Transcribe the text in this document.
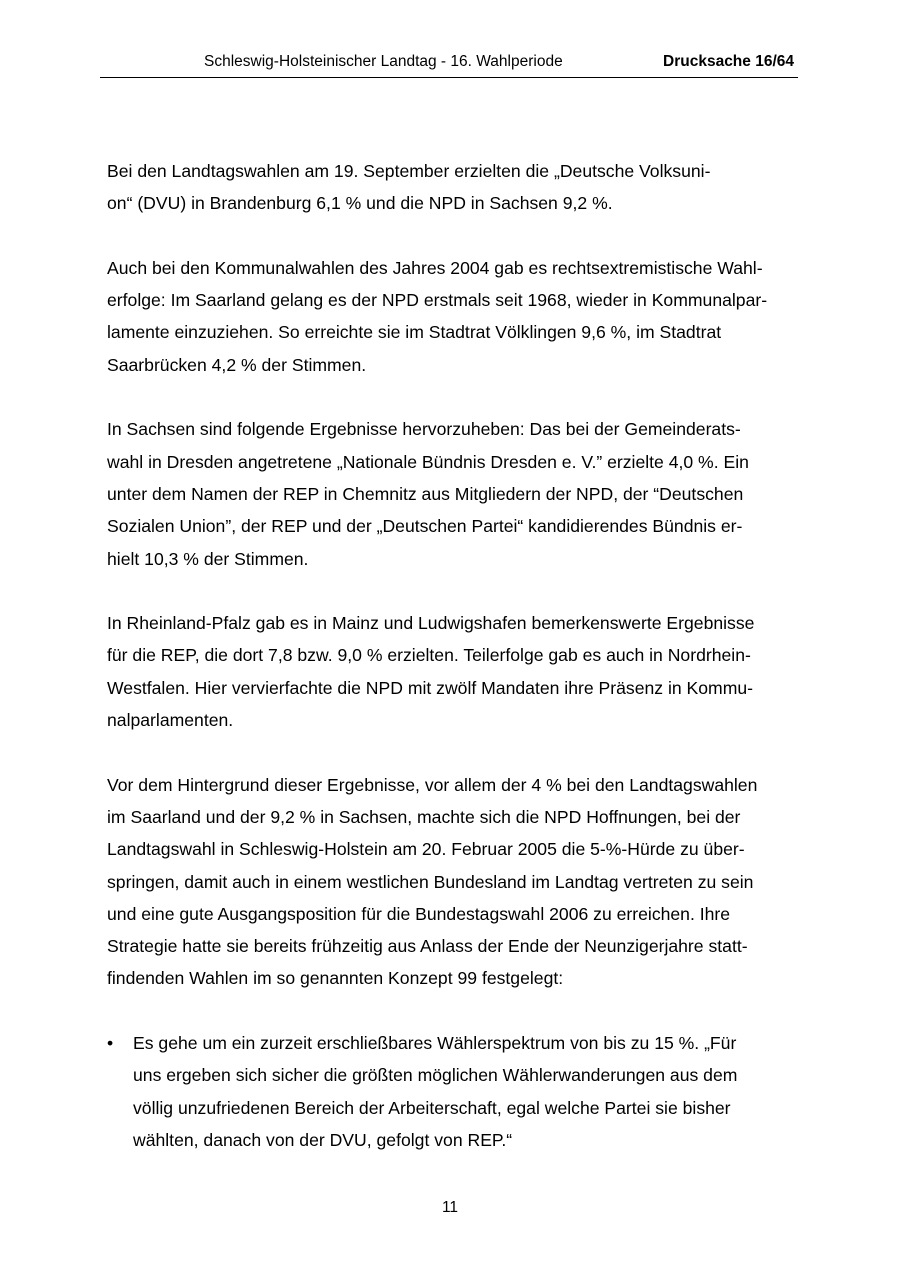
Schleswig-Holsteinischer Landtag - 16. Wahlperiode	Drucksache 16/64

Bei den Landtagswahlen am 19. September erzielten die „Deutsche Volksuni-
on“ (DVU) in Brandenburg 6,1 % und die NPD in Sachsen 9,2 %.

Auch bei den Kommunalwahlen des Jahres 2004 gab es rechtsextremistische Wahl-
erfolge: Im Saarland gelang es der NPD erstmals seit 1968, wieder in Kommunalpar-
lamente einzuziehen. So erreichte sie im Stadtrat Völklingen 9,6 %, im Stadtrat
Saarbrücken 4,2 % der Stimmen.

In Sachsen sind folgende Ergebnisse hervorzuheben: Das bei der Gemeinderats-
wahl in Dresden angetretene „Nationale Bündnis Dresden e. V.” erzielte 4,0 %. Ein
unter dem Namen der REP in Chemnitz aus Mitgliedern der NPD, der “Deutschen
Sozialen Union”, der REP und der „Deutschen Partei“ kandidierendes Bündnis er-
hielt 10,3 % der Stimmen.

In Rheinland-Pfalz gab es in Mainz und Ludwigshafen bemerkenswerte Ergebnisse
für die REP, die dort 7,8 bzw. 9,0 % erzielten. Teilerfolge gab es auch in Nordrhein-
Westfalen. Hier vervierfachte die NPD mit zwölf Mandaten ihre Präsenz in Kommu-
nalparlamenten.

Vor dem Hintergrund dieser Ergebnisse, vor allem der 4 % bei den Landtagswahlen
im Saarland und der 9,2 % in Sachsen, machte sich die NPD Hoffnungen, bei der
Landtagswahl in Schleswig-Holstein am 20. Februar 2005 die 5-%-Hürde zu über-
springen, damit auch in einem westlichen Bundesland im Landtag vertreten zu sein
und eine gute Ausgangsposition für die Bundestagswahl 2006 zu erreichen. Ihre
Strategie hatte sie bereits frühzeitig aus Anlass der Ende der Neunzigerjahre statt-
findenden Wahlen im so genannten Konzept 99 festgelegt:

• Es gehe um ein zurzeit erschließbares Wählerspektrum von bis zu 15 %. „Für
uns ergeben sich sicher die größten möglichen Wählerwanderungen aus dem
völlig unzufriedenen Bereich der Arbeiterschaft, egal welche Partei sie bisher
wählten, danach von der DVU, gefolgt von REP.“
11
